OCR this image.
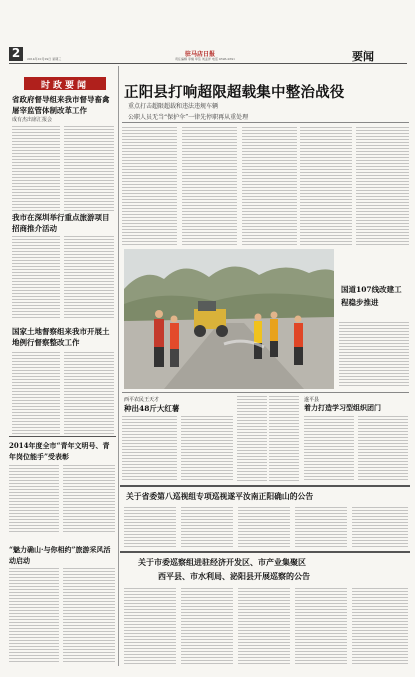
2	驻马店日报
2014年10月29日 星期三	责任编辑 李楠 审签 刘孟洋 电话 0396-2691	要闻
时政要闻
省政府督导组来我市督导畜禽屠宰监管体制改革工作
成有杰出席汇报会
我市在深圳举行重点旅游项目招商推介活动
国家土地督察组来我市开展土地例行督察整改工作
2014年度全市“青年文明号、青年岗位能手”受表彰
“魅力确山·与你相约”旅游采风活动启动
正阳县打响超限超载集中整治战役
重点打击超限超载和违法违规车辆
公职人员无当“保护伞”一律先停职再从重处理
国道107线改建工程稳步推进
西平农民王天才
种出48斤大红薯
遂平县
着力打造学习型组织团门
关于省委第八巡视组专项巡视遂平汝南正阳确山的公告
关于市委巡察组进驻经济开发区、市产业集聚区
西平县、市水利局、泌阳县开展巡察的公告
